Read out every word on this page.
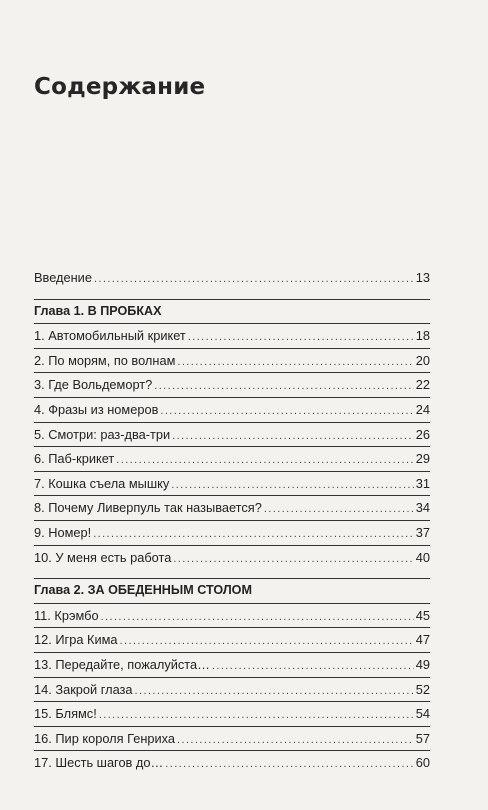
Содержание
Введение .....	13
Глава 1. В ПРОБКАХ
1. Автомобильный крикет .....	18
2. По морям, по волнам .....	20
3. Где Вольдеморт? .....	22
4. Фразы из номеров .....	24
5. Смотри: раз-два-три .....	26
6. Паб-крикет .....	29
7. Кошка съела мышку .....	31
8. Почему Ливерпуль так называется? .....	34
9. Номер! .....	37
10. У меня есть работа .....	40
Глава 2. ЗА ОБЕДЕННЫМ СТОЛОМ
11. Крэмбо .....	45
12. Игра Кима .....	47
13. Передайте, пожалуйста… .....	49
14. Закрой глаза .....	52
15. Блямс! .....	54
16. Пир короля Генриха .....	57
17. Шесть шагов до… .....	60
